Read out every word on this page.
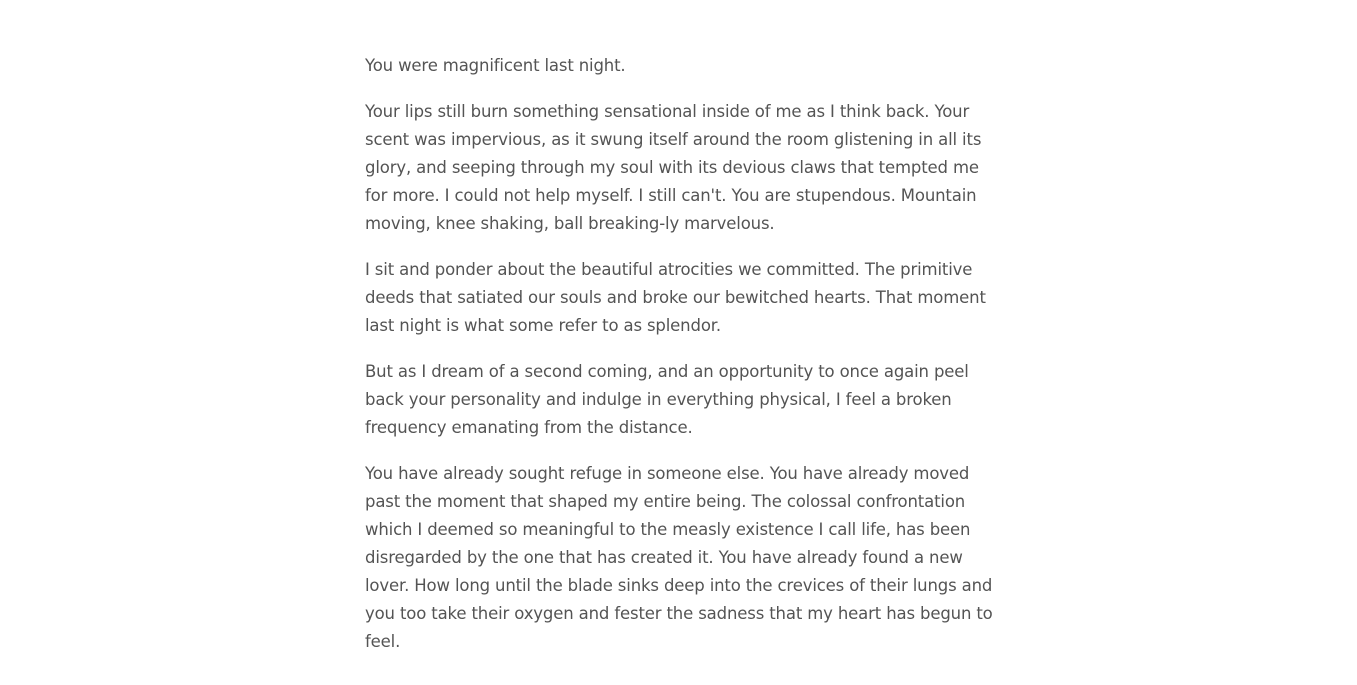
You were magnificent last night.

Your lips still burn something sensational inside of me as I think back. Your scent was impervious, as it swung itself around the room glistening in all its glory, and seeping through my soul with its devious claws that tempted me for more. I could not help myself. I still can't. You are stupendous. Mountain moving, knee shaking, ball breaking-ly marvelous.

I sit and ponder about the beautiful atrocities we committed. The primitive deeds that satiated our souls and broke our bewitched hearts. That moment last night is what some refer to as splendor.

But as I dream of a second coming, and an opportunity to once again peel back your personality and indulge in everything physical, I feel a broken frequency emanating from the distance.

You have already sought refuge in someone else. You have already moved past the moment that shaped my entire being. The colossal confrontation which I deemed so meaningful to the measly existence I call life, has been disregarded by the one that has created it. You have already found a new lover. How long until the blade sinks deep into the crevices of their lungs and you too take their oxygen and fester the sadness that my heart has begun to feel.
